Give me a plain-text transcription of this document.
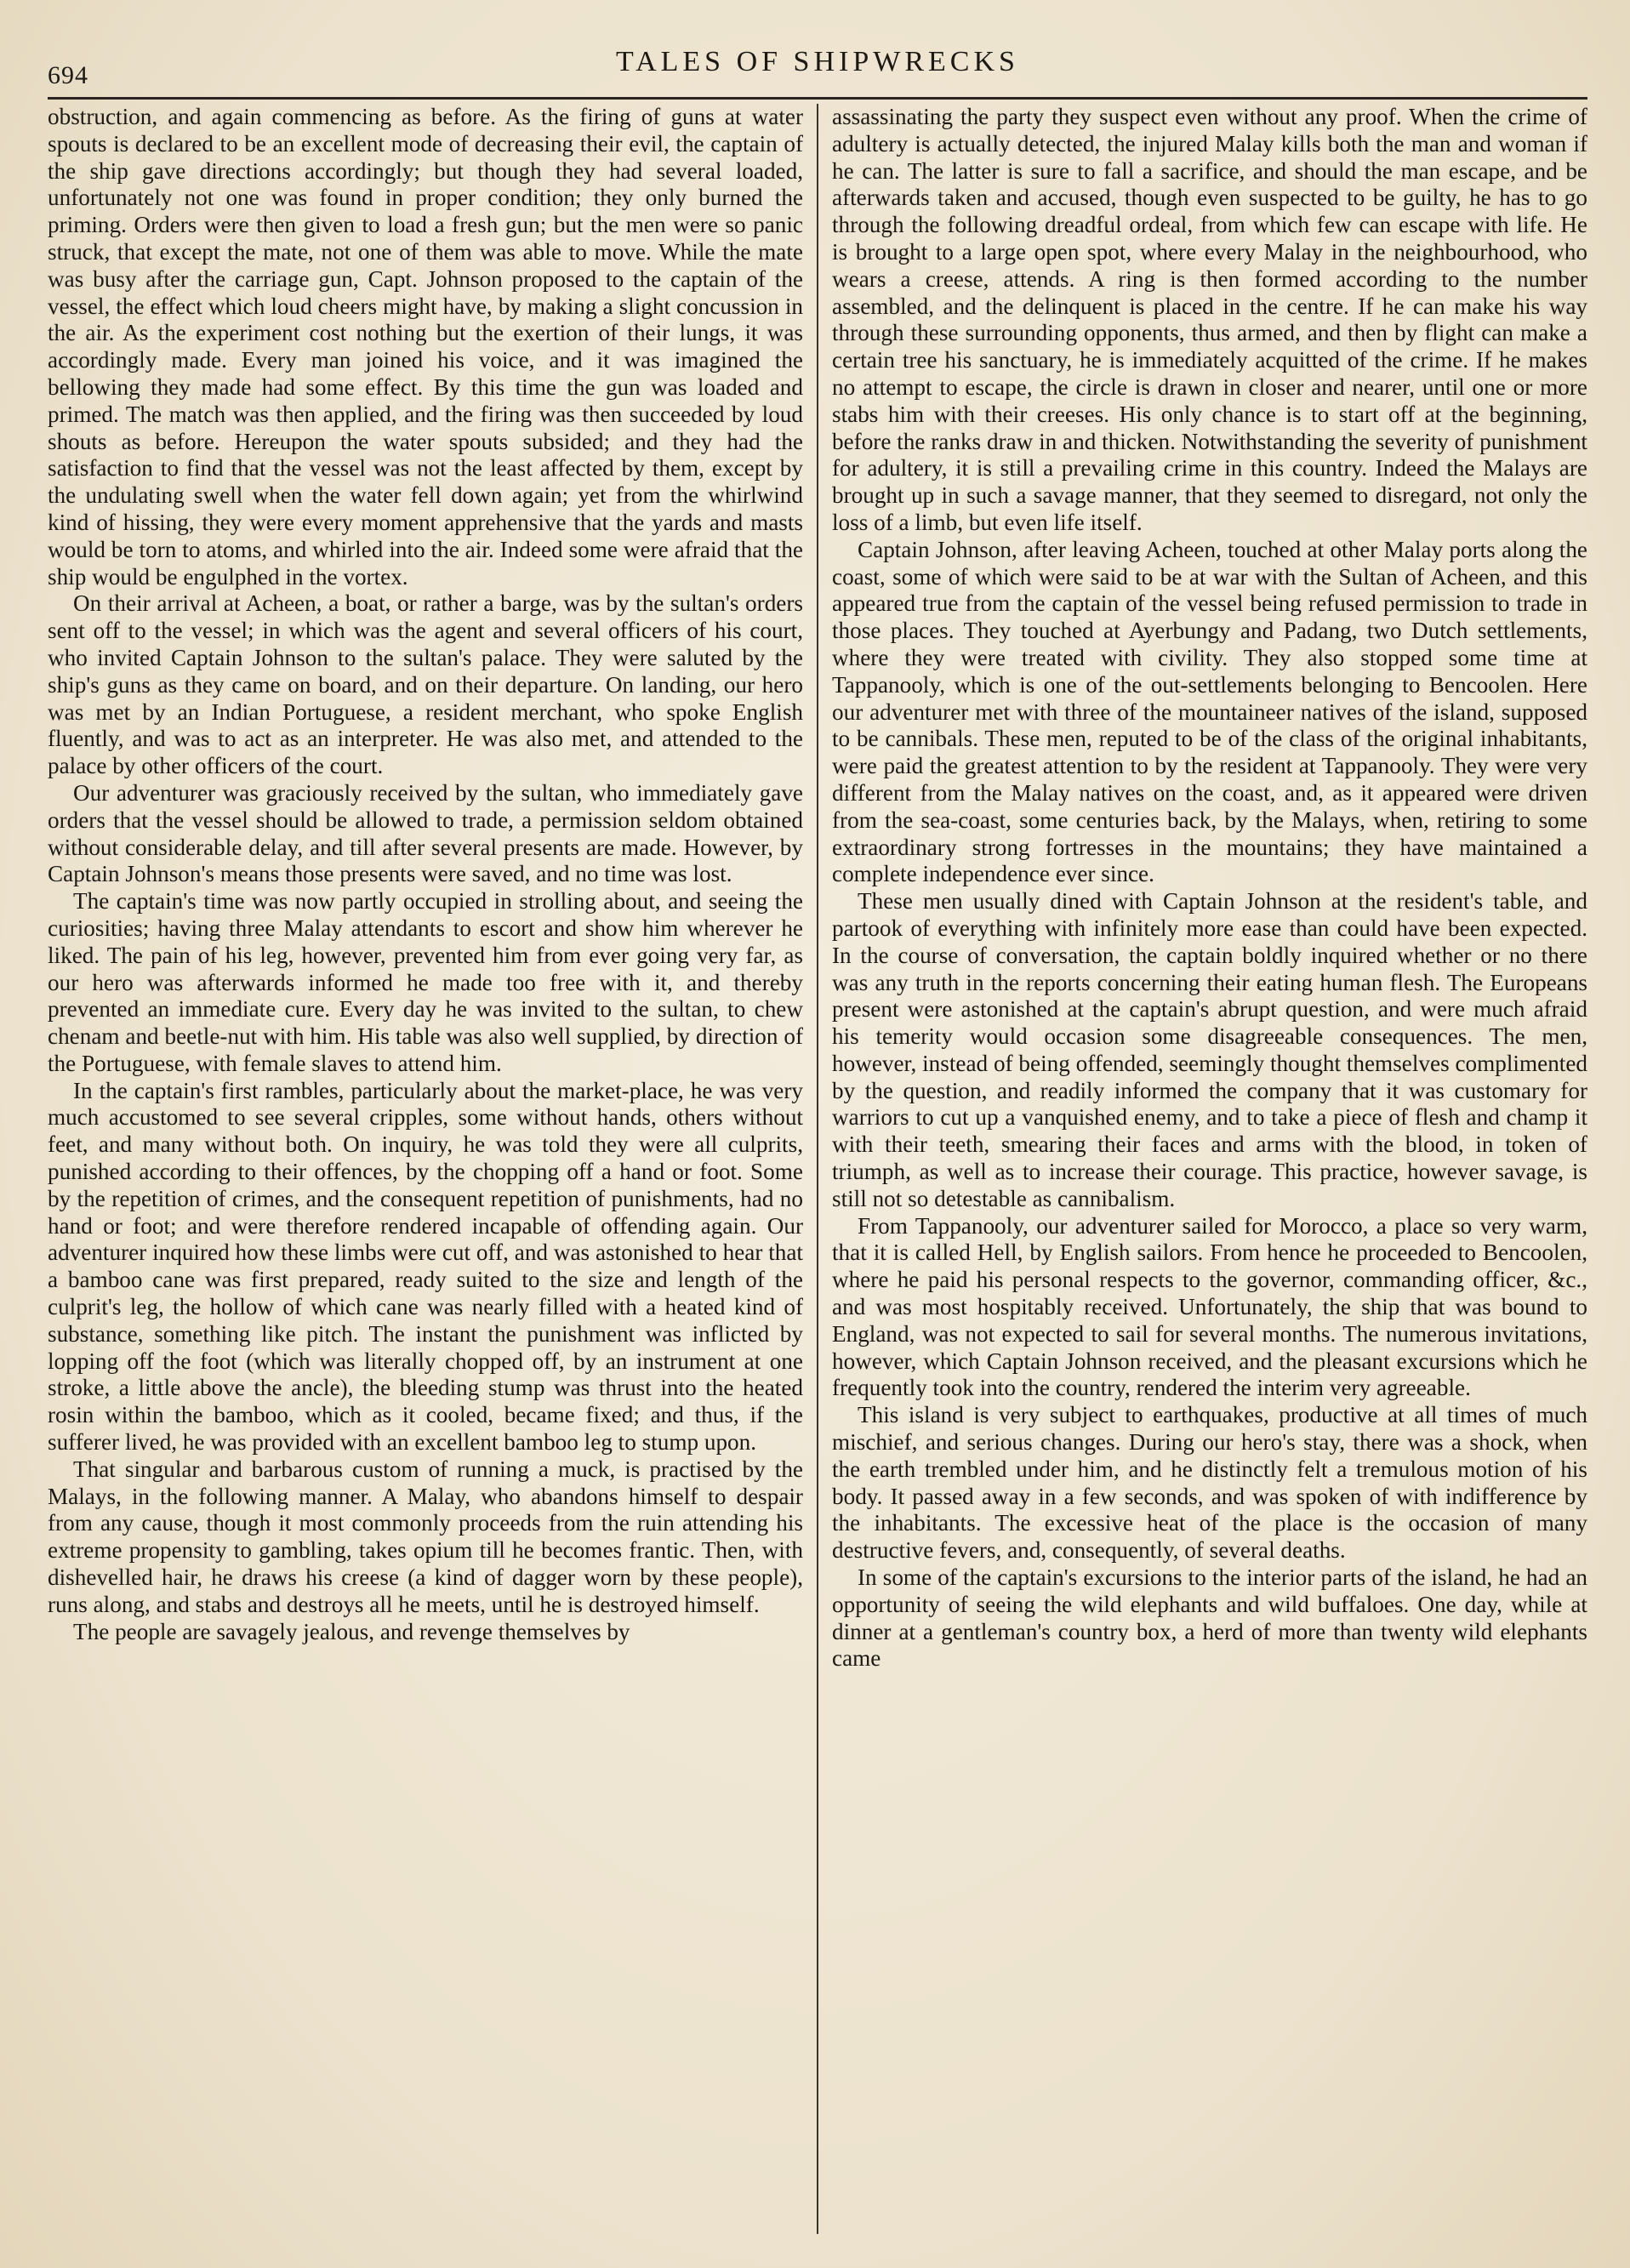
694	TALES OF SHIPWRECKS

obstruction, and again commencing as before. As the firing of guns at water spouts is declared to be an excellent mode of decreasing their evil, the captain of the ship gave directions accordingly; but though they had several loaded, unfortunately not one was found in proper condition; they only burned the priming. Orders were then given to load a fresh gun; but the men were so panic struck, that except the mate, not one of them was able to move. While the mate was busy after the carriage gun, Capt. Johnson proposed to the captain of the vessel, the effect which loud cheers might have, by making a slight concussion in the air. As the experiment cost nothing but the exertion of their lungs, it was accordingly made. Every man joined his voice, and it was imagined the bellowing they made had some effect. By this time the gun was loaded and primed. The match was then applied, and the firing was then succeeded by loud shouts as before. Hereupon the water spouts subsided; and they had the satisfaction to find that the vessel was not the least affected by them, except by the undulating swell when the water fell down again; yet from the whirlwind kind of hissing, they were every moment apprehensive that the yards and masts would be torn to atoms, and whirled into the air. Indeed some were afraid that the ship would be engulphed in the vortex.

On their arrival at Acheen, a boat, or rather a barge, was by the sultan's orders sent off to the vessel; in which was the agent and several officers of his court, who invited Captain Johnson to the sultan's palace. They were saluted by the ship's guns as they came on board, and on their departure. On landing, our hero was met by an Indian Portuguese, a resident merchant, who spoke English fluently, and was to act as an interpreter. He was also met, and attended to the palace by other officers of the court.

Our adventurer was graciously received by the sultan, who immediately gave orders that the vessel should be allowed to trade, a permission seldom obtained without considerable delay, and till after several presents are made. However, by Captain Johnson's means those presents were saved, and no time was lost.

The captain's time was now partly occupied in strolling about, and seeing the curiosities; having three Malay attendants to escort and show him wherever he liked. The pain of his leg, however, prevented him from ever going very far, as our hero was afterwards informed he made too free with it, and thereby prevented an immediate cure. Every day he was invited to the sultan, to chew chenam and beetle-nut with him. His table was also well supplied, by direction of the Portuguese, with female slaves to attend him.

In the captain's first rambles, particularly about the market-place, he was very much accustomed to see several cripples, some without hands, others without feet, and many without both. On inquiry, he was told they were all culprits, punished according to their offences, by the chopping off a hand or foot. Some by the repetition of crimes, and the consequent repetition of punishments, had no hand or foot; and were therefore rendered incapable of offending again. Our adventurer inquired how these limbs were cut off, and was astonished to hear that a bamboo cane was first prepared, ready suited to the size and length of the culprit's leg, the hollow of which cane was nearly filled with a heated kind of substance, something like pitch. The instant the punishment was inflicted by lopping off the foot (which was literally chopped off, by an instrument at one stroke, a little above the ancle), the bleeding stump was thrust into the heated rosin within the bamboo, which as it cooled, became fixed; and thus, if the sufferer lived, he was provided with an excellent bamboo leg to stump upon.

That singular and barbarous custom of running a muck, is practised by the Malays, in the following manner. A Malay, who abandons himself to despair from any cause, though it most commonly proceeds from the ruin attending his extreme propensity to gambling, takes opium till he becomes frantic. Then, with dishevelled hair, he draws his creese (a kind of dagger worn by these people), runs along, and stabs and destroys all he meets, until he is destroyed himself.

The people are savagely jealous, and revenge themselves by

assassinating the party they suspect even without any proof. When the crime of adultery is actually detected, the injured Malay kills both the man and woman if he can. The latter is sure to fall a sacrifice, and should the man escape, and be afterwards taken and accused, though even suspected to be guilty, he has to go through the following dreadful ordeal, from which few can escape with life. He is brought to a large open spot, where every Malay in the neighbourhood, who wears a creese, attends. A ring is then formed according to the number assembled, and the delinquent is placed in the centre. If he can make his way through these surrounding opponents, thus armed, and then by flight can make a certain tree his sanctuary, he is immediately acquitted of the crime. If he makes no attempt to escape, the circle is drawn in closer and nearer, until one or more stabs him with their creeses. His only chance is to start off at the beginning, before the ranks draw in and thicken. Notwithstanding the severity of punishment for adultery, it is still a prevailing crime in this country. Indeed the Malays are brought up in such a savage manner, that they seemed to disregard, not only the loss of a limb, but even life itself.

Captain Johnson, after leaving Acheen, touched at other Malay ports along the coast, some of which were said to be at war with the Sultan of Acheen, and this appeared true from the captain of the vessel being refused permission to trade in those places. They touched at Ayerbungy and Padang, two Dutch settlements, where they were treated with civility. They also stopped some time at Tappanooly, which is one of the out-settlements belonging to Bencoolen. Here our adventurer met with three of the mountaineer natives of the island, supposed to be cannibals. These men, reputed to be of the class of the original inhabitants, were paid the greatest attention to by the resident at Tappanooly. They were very different from the Malay natives on the coast, and, as it appeared were driven from the sea-coast, some centuries back, by the Malays, when, retiring to some extraordinary strong fortresses in the mountains; they have maintained a complete independence ever since.

These men usually dined with Captain Johnson at the resident's table, and partook of everything with infinitely more ease than could have been expected. In the course of conversation, the captain boldly inquired whether or no there was any truth in the reports concerning their eating human flesh. The Europeans present were astonished at the captain's abrupt question, and were much afraid his temerity would occasion some disagreeable consequences. The men, however, instead of being offended, seemingly thought themselves complimented by the question, and readily informed the company that it was customary for warriors to cut up a vanquished enemy, and to take a piece of flesh and champ it with their teeth, smearing their faces and arms with the blood, in token of triumph, as well as to increase their courage. This practice, however savage, is still not so detestable as cannibalism.

From Tappanooly, our adventurer sailed for Morocco, a place so very warm, that it is called Hell, by English sailors. From hence he proceeded to Bencoolen, where he paid his personal respects to the governor, commanding officer, &c., and was most hospitably received. Unfortunately, the ship that was bound to England, was not expected to sail for several months. The numerous invitations, however, which Captain Johnson received, and the pleasant excursions which he frequently took into the country, rendered the interim very agreeable.

This island is very subject to earthquakes, productive at all times of much mischief, and serious changes. During our hero's stay, there was a shock, when the earth trembled under him, and he distinctly felt a tremulous motion of his body. It passed away in a few seconds, and was spoken of with indifference by the inhabitants. The excessive heat of the place is the occasion of many destructive fevers, and, consequently, of several deaths.

In some of the captain's excursions to the interior parts of the island, he had an opportunity of seeing the wild elephants and wild buffaloes. One day, while at dinner at a gentleman's country box, a herd of more than twenty wild elephants came
